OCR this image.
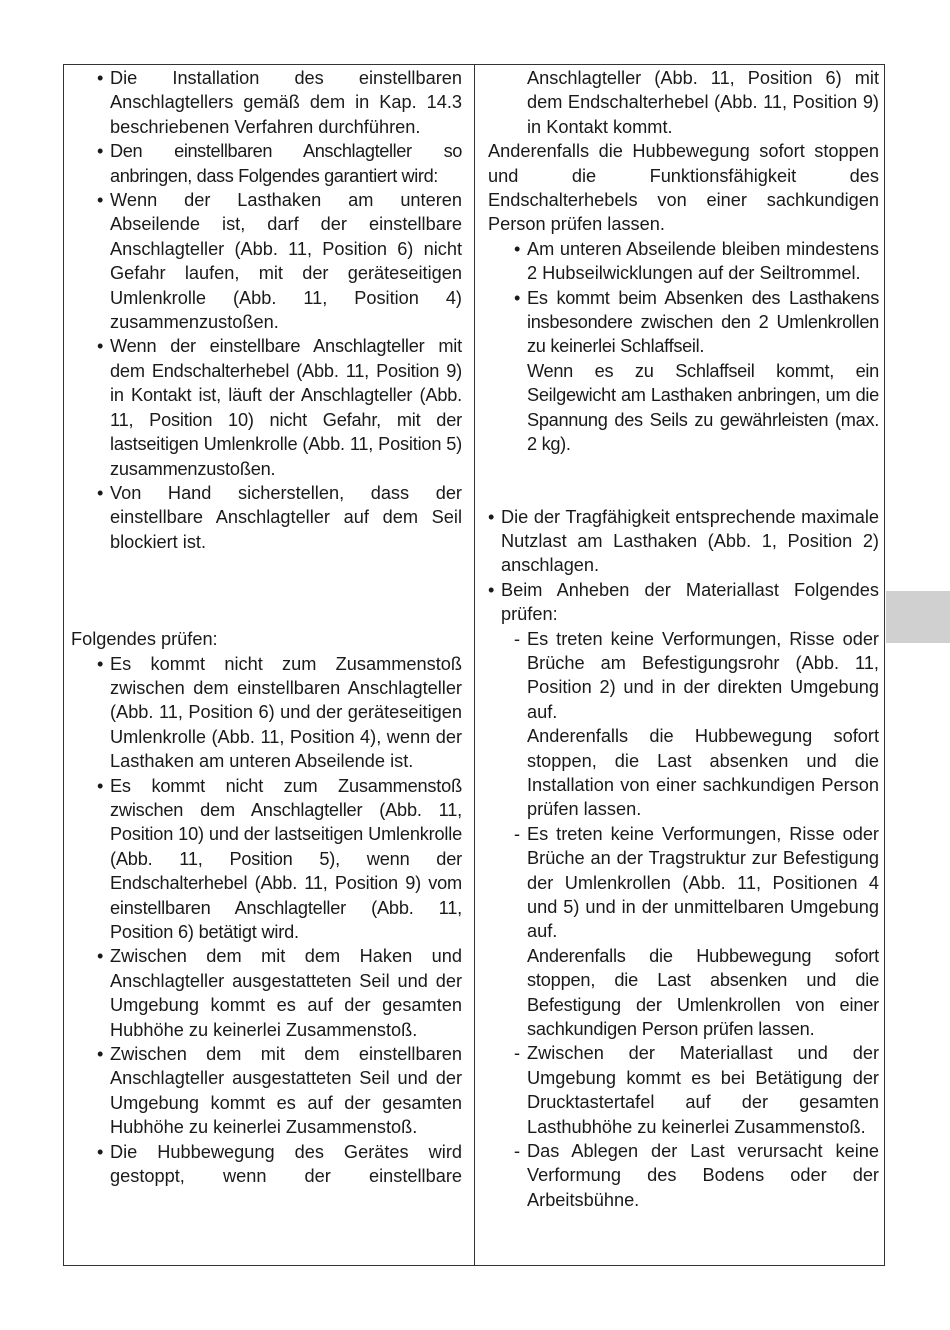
• Die Installation des einstellbaren Anschlagtellers gemäß dem in Kap. 14.3 beschriebenen Verfahren durchführen.
• Den einstellbaren Anschlagteller so anbringen, dass Folgendes garantiert wird:
• Wenn der Lasthaken am unteren Abseilende ist, darf der einstellbare Anschlagteller (Abb. 11, Position 6) nicht Gefahr laufen, mit der geräteseitigen Umlenkrolle (Abb. 11, Position 4) zusammenzustoßen.
• Wenn der einstellbare Anschlagteller mit dem Endschalterhebel (Abb. 11, Position 9) in Kontakt ist, läuft der Anschlagteller (Abb. 11, Position 10) nicht Gefahr, mit der lastseitigen Umlenkrolle (Abb. 11, Position 5) zusammenzustoßen.
• Von Hand sicherstellen, dass der einstellbare Anschlagteller auf dem Seil blockiert ist.
Folgendes prüfen:
• Es kommt nicht zum Zusammenstoß zwischen dem einstellbaren Anschlagteller (Abb. 11, Position 6) und der geräteseitigen Umlenkrolle (Abb. 11, Position 4), wenn der Lasthaken am unteren Abseilende ist.
• Es kommt nicht zum Zusammenstoß zwischen dem Anschlagteller (Abb. 11, Position 10) und der lastseitigen Umlenkrolle (Abb. 11, Position 5), wenn der Endschalterhebel (Abb. 11, Position 9) vom einstellbaren Anschlagteller (Abb. 11, Position 6) betätigt wird.
• Zwischen dem mit dem Haken und Anschlagteller ausgestatteten Seil und der Umgebung kommt es auf der gesamten Hubhöhe zu keinerlei Zusammenstoß.
• Zwischen dem mit dem einstellbaren Anschlagteller ausgestatteten Seil und der Umgebung kommt es auf der gesamten Hubhöhe zu keinerlei Zusammenstoß.
• Die Hubbewegung des Gerätes wird gestoppt, wenn der einstellbare
Anschlagteller (Abb. 11, Position 6) mit dem Endschalterhebel (Abb. 11, Position 9) in Kontakt kommt.
Anderenfalls die Hubbewegung sofort stoppen und die Funktionsfähigkeit des Endschalterhebels von einer sachkundigen Person prüfen lassen.
• Am unteren Abseilende bleiben mindestens 2 Hubseilwicklungen auf der Seiltrommel.
• Es kommt beim Absenken des Lasthakens insbesondere zwischen den 2 Umlenkrollen zu keinerlei Schlaffseil.
Wenn es zu Schlaffseil kommt, ein Seilgewicht am Lasthaken anbringen, um die Spannung des Seils zu gewährleisten (max. 2 kg).
• Die der Tragfähigkeit entsprechende maximale Nutzlast am Lasthaken (Abb. 1, Position 2) anschlagen.
• Beim Anheben der Materiallast Folgendes prüfen:
- Es treten keine Verformungen, Risse oder Brüche am Befestigungsrohr (Abb. 11, Position 2) und in der direkten Umgebung auf.
Anderenfalls die Hubbewegung sofort stoppen, die Last absenken und die Installation von einer sachkundigen Person prüfen lassen.
- Es treten keine Verformungen, Risse oder Brüche an der Tragstruktur zur Befestigung der Umlenkrollen (Abb. 11, Positionen 4 und 5) und in der unmittelbaren Umgebung auf.
Anderenfalls die Hubbewegung sofort stoppen, die Last absenken und die Befestigung der Umlenkrollen von einer sachkundigen Person prüfen lassen.
- Zwischen der Materiallast und der Umgebung kommt es bei Betätigung der Drucktastertafel auf der gesamten Lasthubhöhe zu keinerlei Zusammenstoß.
- Das Ablegen der Last verursacht keine Verformung des Bodens oder der Arbeitsbühne.
